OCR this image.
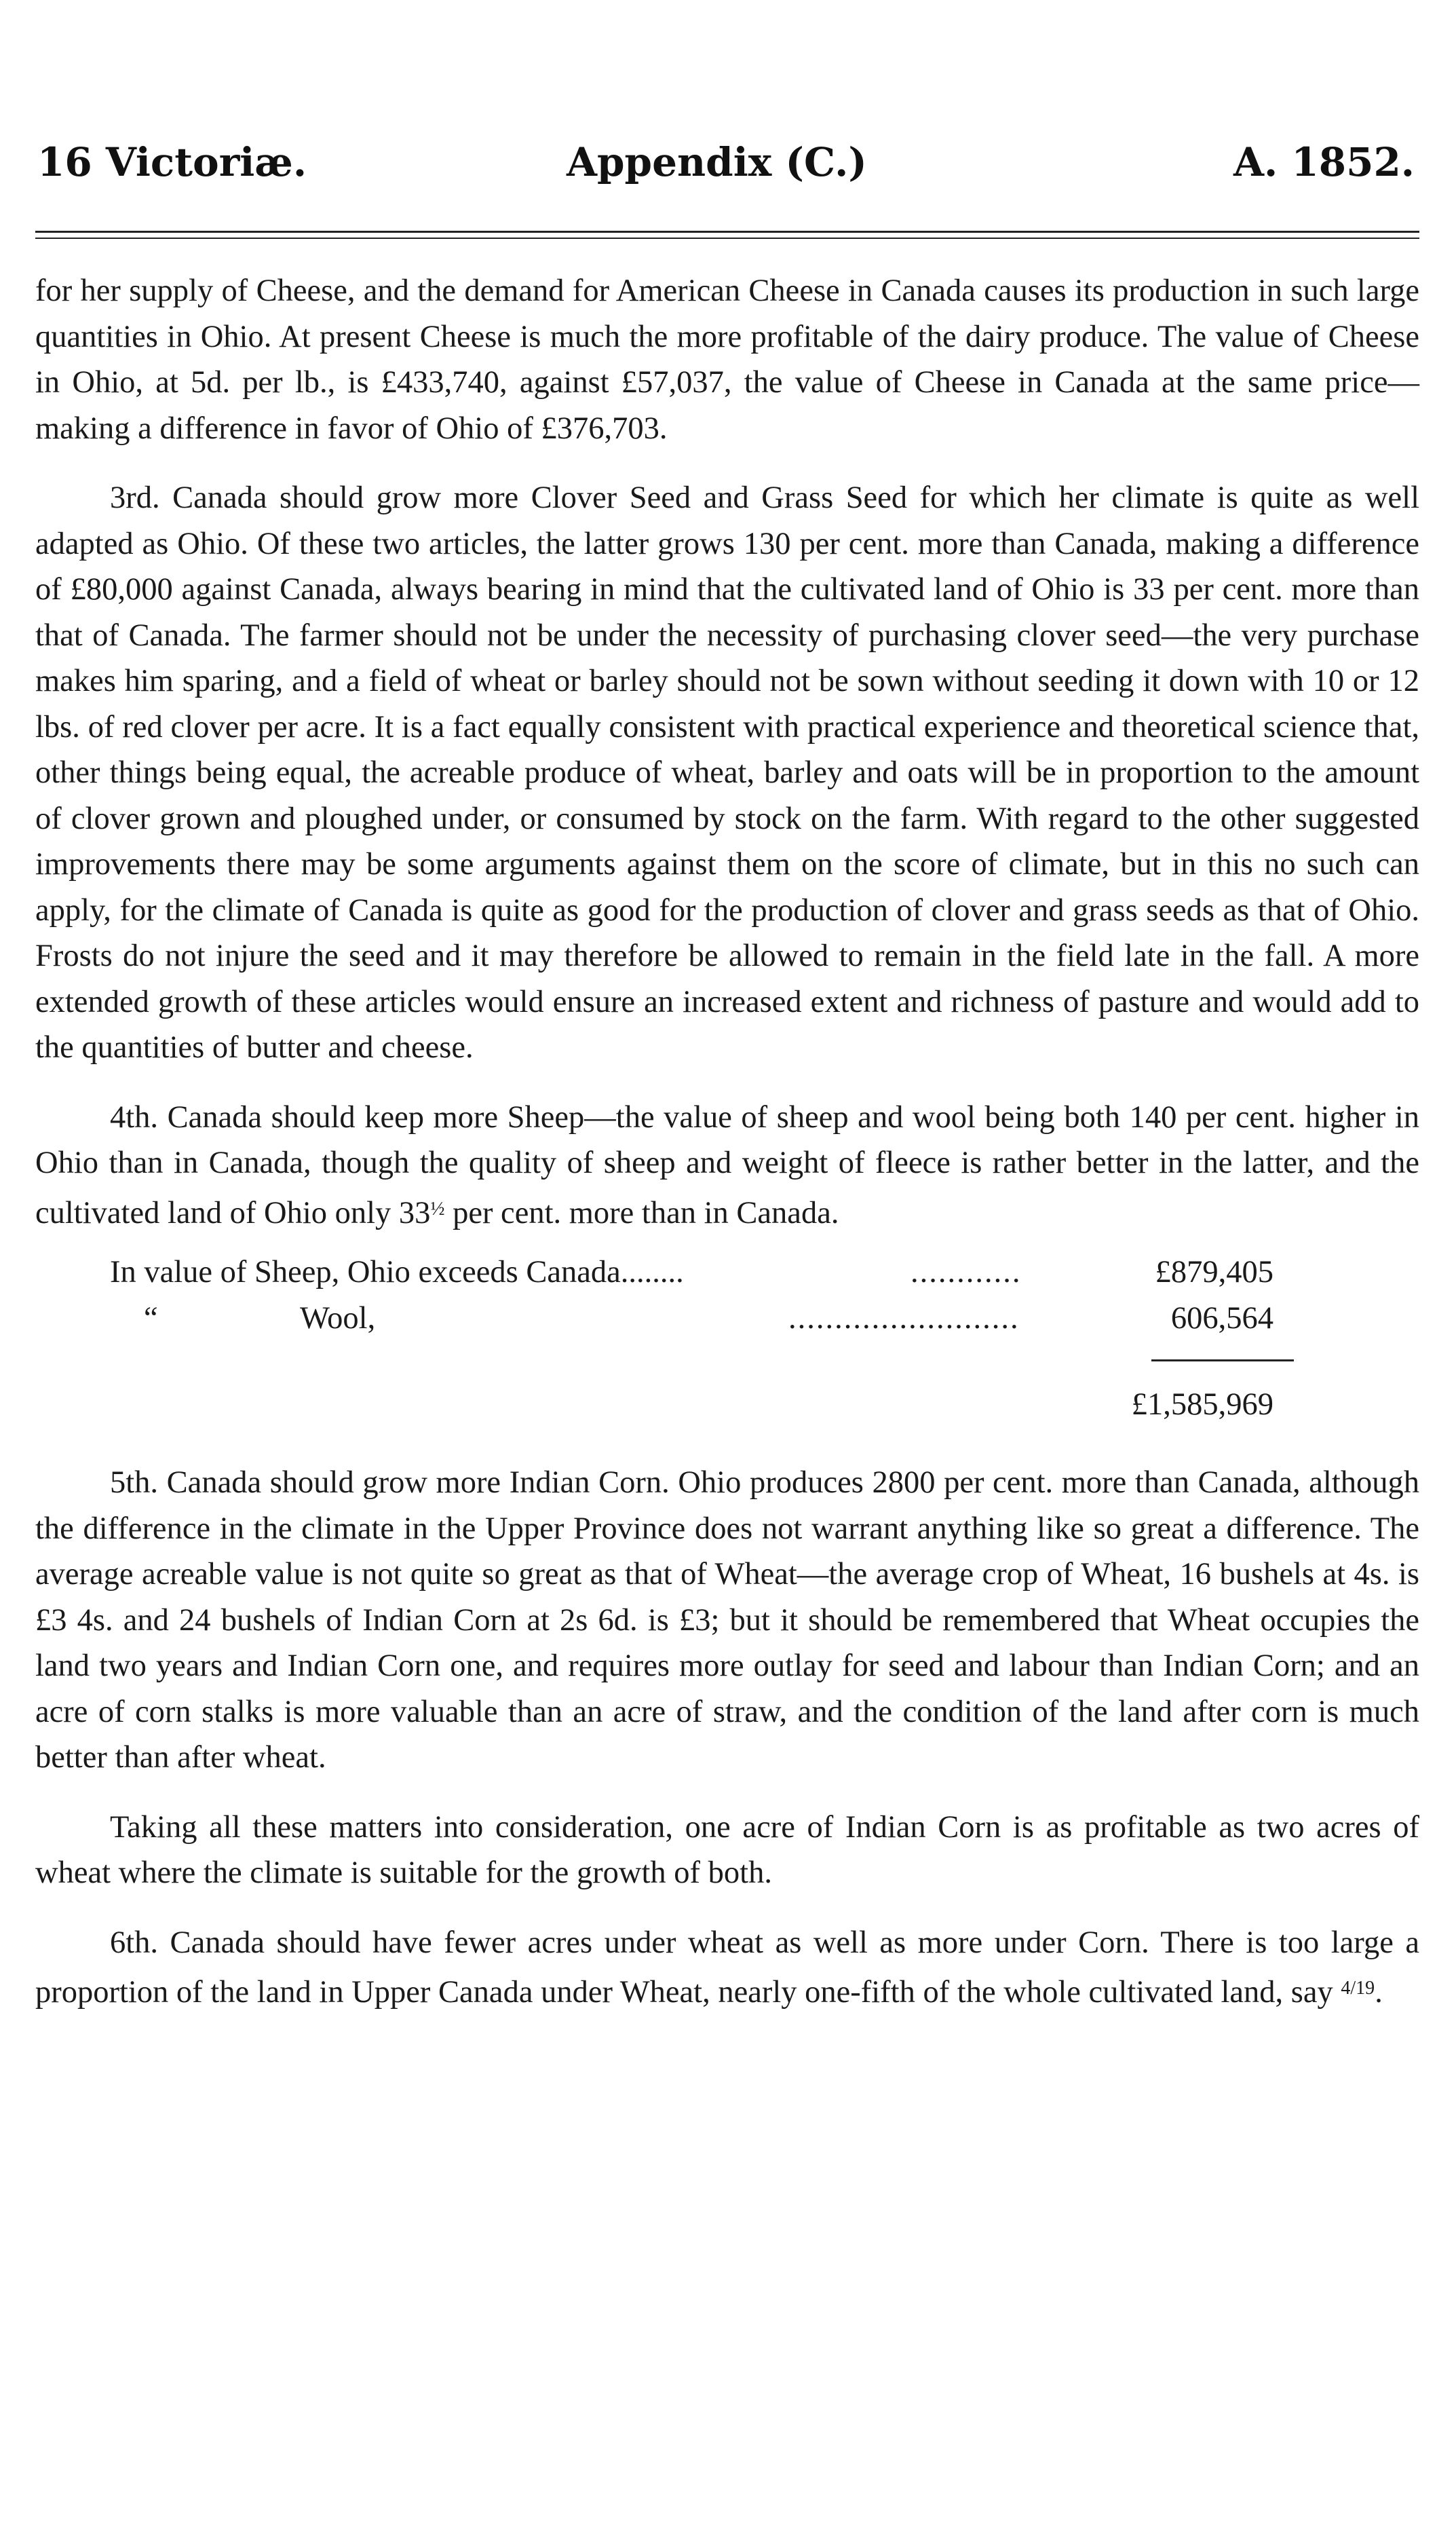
16 Victoriæ.	Appendix (C.)	A. 1852.

for her supply of Cheese, and the demand for American Cheese in Canada causes its production in such large quantities in Ohio. At present Cheese is much the more profitable of the dairy produce. The value of Cheese in Ohio, at 5d. per lb., is £433,740, against £57,037, the value of Cheese in Canada at the same price—making a difference in favor of Ohio of £376,703.

3rd. Canada should grow more Clover Seed and Grass Seed for which her climate is quite as well adapted as Ohio. Of these two articles, the latter grows 130 per cent. more than Canada, making a difference of £80,000 against Canada, always bearing in mind that the cultivated land of Ohio is 33 per cent. more than that of Canada. The farmer should not be under the necessity of purchasing clover seed—the very purchase makes him sparing, and a field of wheat or barley should not be sown without seeding it down with 10 or 12 lbs. of red clover per acre. It is a fact equally consistent with practical experience and theoretical science that, other things being equal, the acreable produce of wheat, barley and oats will be in proportion to the amount of clover grown and ploughed under, or consumed by stock on the farm. With regard to the other suggested improvements there may be some arguments against them on the score of climate, but in this no such can apply, for the climate of Canada is quite as good for the production of clover and grass seeds as that of Ohio. Frosts do not injure the seed and it may therefore be allowed to remain in the field late in the fall. A more extended growth of these articles would ensure an increased extent and richness of pasture and would add to the quantities of butter and cheese.

4th. Canada should keep more Sheep—the value of sheep and wool being both 140 per cent. higher in Ohio than in Canada, though the quality of sheep and weight of fleece is rather better in the latter, and the cultivated land of Ohio only $33^{\frac{1}{2}}$ per cent. more than in Canada.

In value of Sheep, Ohio exceeds Canada........	............	£879,405
“	Wool,	.........................	606,564
£1,585,969

5th. Canada should grow more Indian Corn. Ohio produces 2800 per cent. more than Canada, although the difference in the climate in the Upper Province does not warrant anything like so great a difference. The average acreable value is not quite so great as that of Wheat—the average crop of Wheat, 16 bushels at 4s. is £3 4s. and 24 bushels of Indian Corn at 2s 6d. is £3; but it should be remembered that Wheat occupies the land two years and Indian Corn one, and requires more outlay for seed and labour than Indian Corn; and an acre of corn stalks is more valuable than an acre of straw, and the condition of the land after corn is much better than after wheat.

Taking all these matters into consideration, one acre of Indian Corn is as profitable as two acres of wheat where the climate is suitable for the growth of both.

6th. Canada should have fewer acres under wheat as well as more under Corn. There is too large a proportion of the land in Upper Canada under Wheat, nearly one-fifth of the whole cultivated land, say $^{4/19}$.
